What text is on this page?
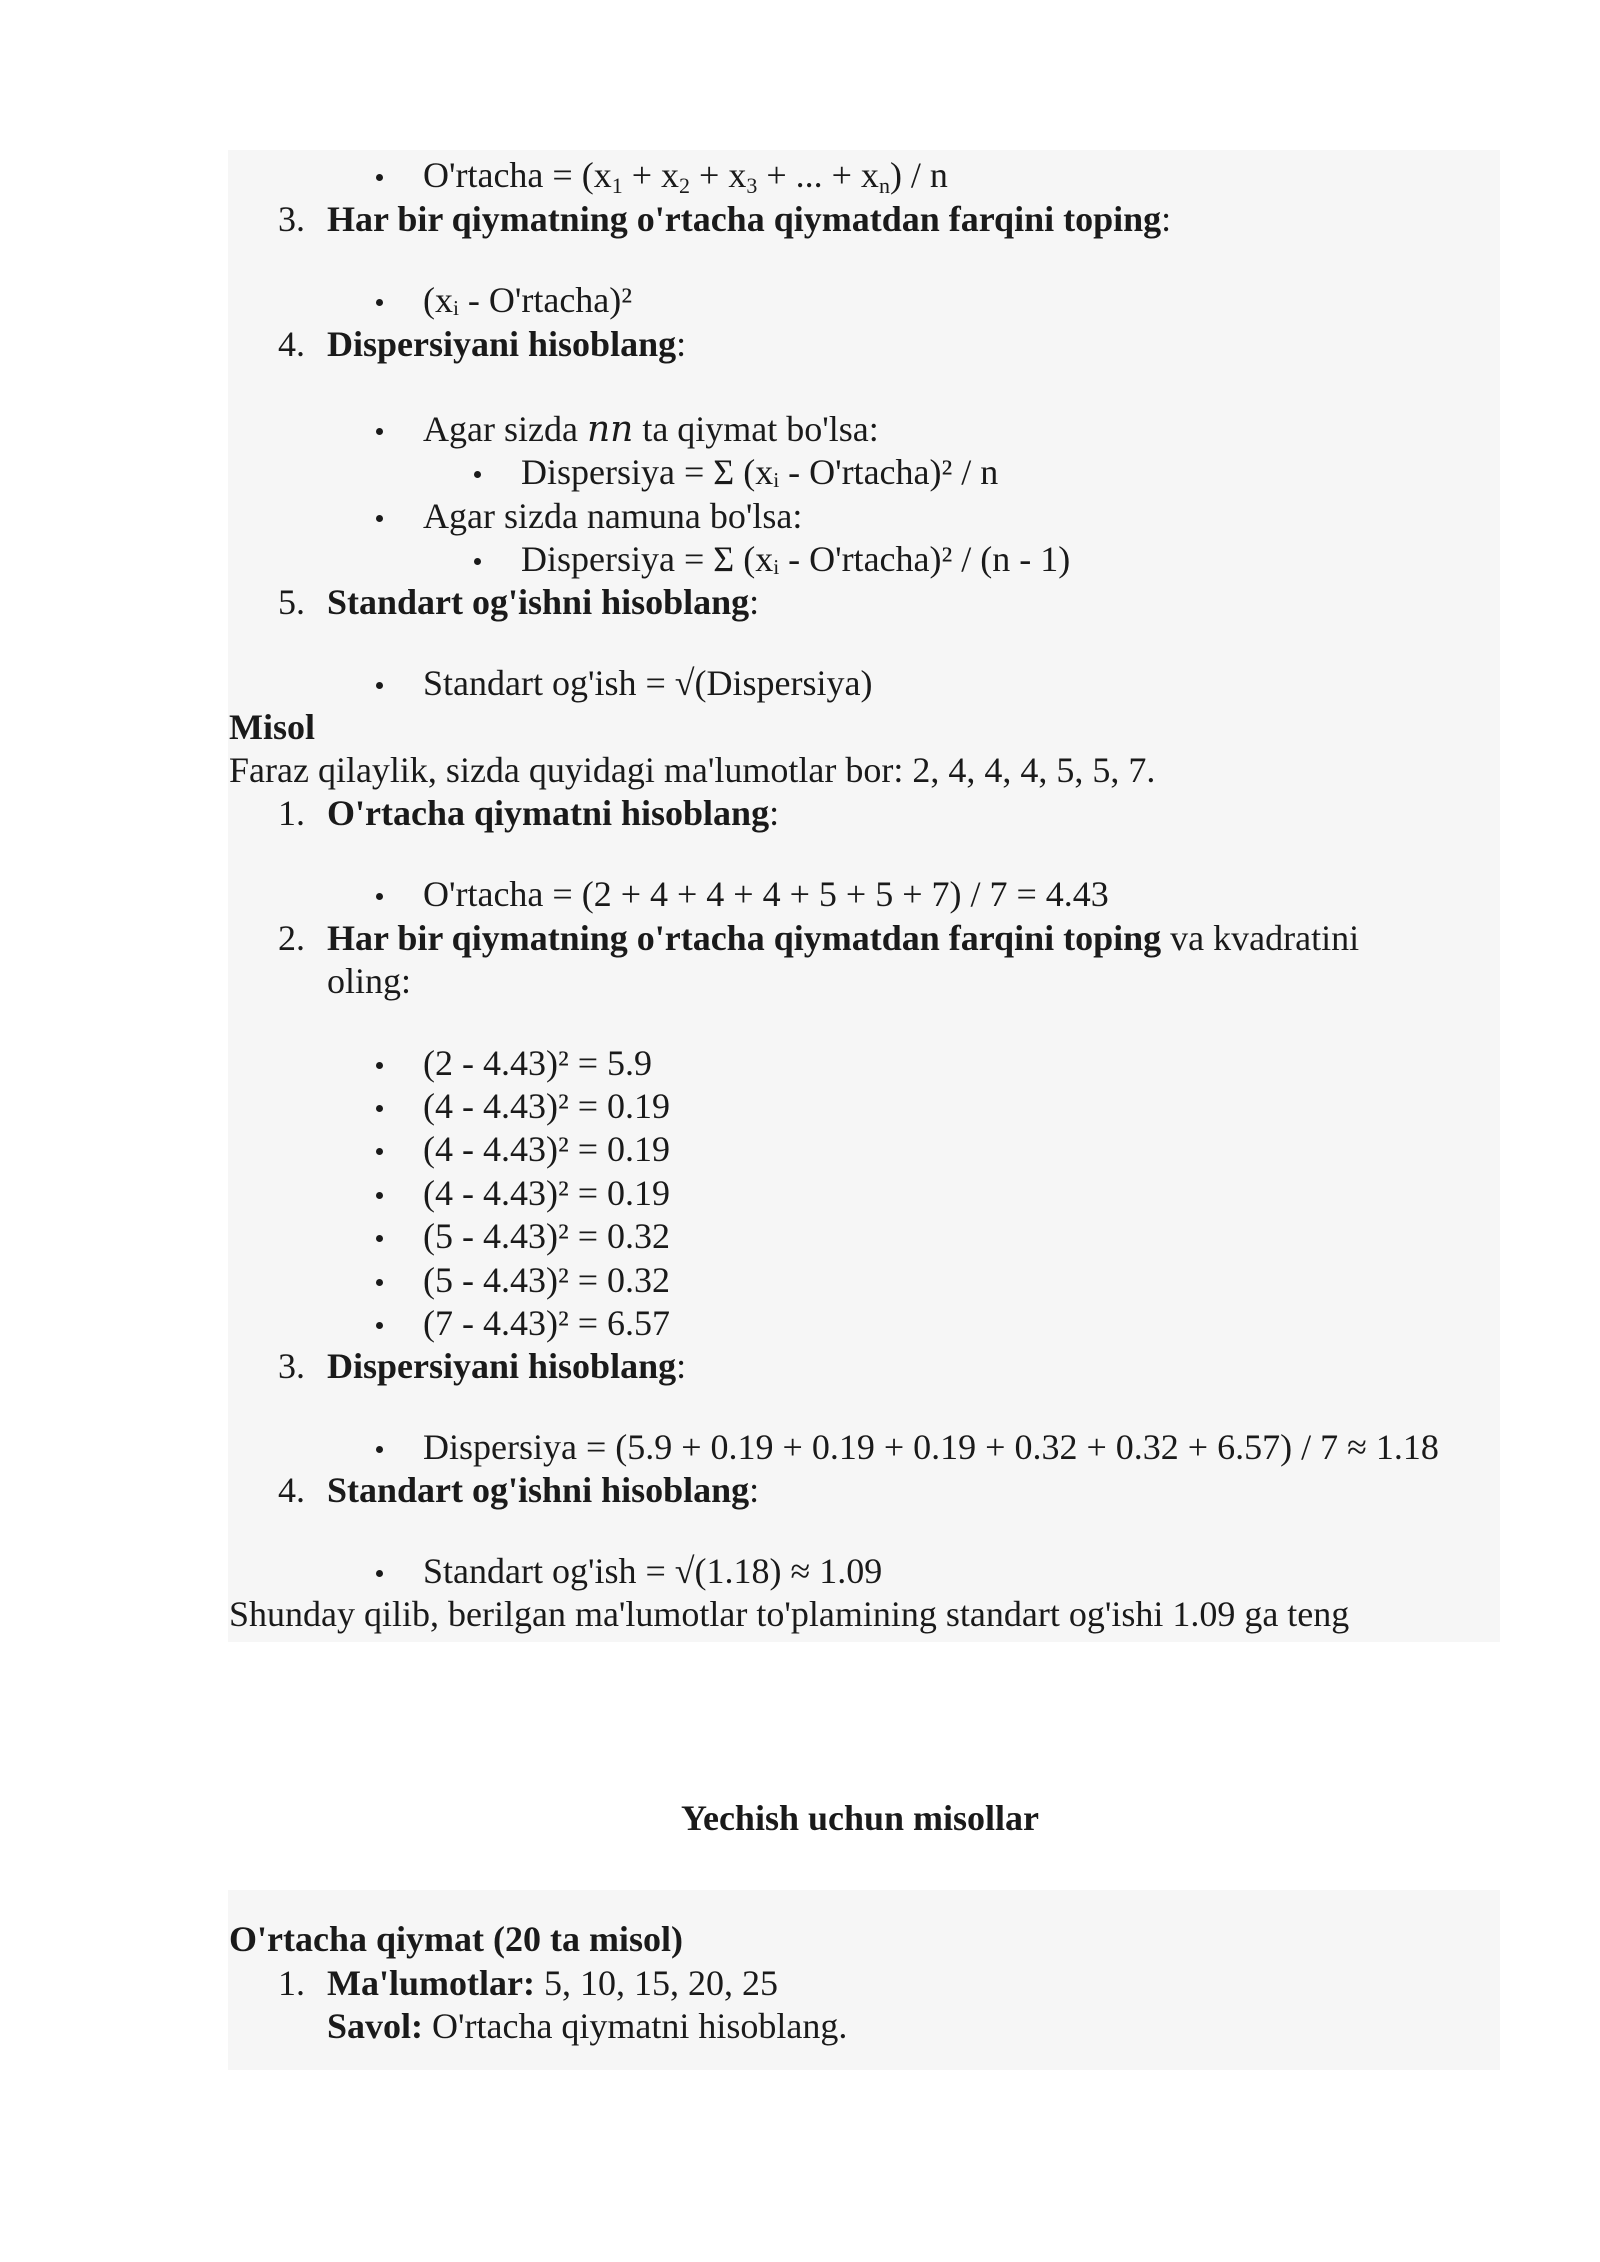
O'rtacha = ($x_1 + x_2 + x_3$ + ... + $x_n$) / n
3. Har bir qiymatning o'rtacha qiymatdan farqini toping:
(xᵢ - O'rtacha)²
4. Dispersiyani hisoblang:
Agar sizda nn ta qiymat bo'lsa:
Dispersiya = Σ (xᵢ - O'rtacha)² / n
Agar sizda namuna bo'lsa:
Dispersiya = Σ (xᵢ - O'rtacha)² / (n - 1)
5. Standart og'ishni hisoblang:
Standart og'ish = √(Dispersiya)
Misol
Faraz qilaylik, sizda quyidagi ma'lumotlar bor: 2, 4, 4, 4, 5, 5, 7.
1. O'rtacha qiymatni hisoblang:
O'rtacha = (2 + 4 + 4 + 4 + 5 + 5 + 7) / 7 = 4.43
2. Har bir qiymatning o'rtacha qiymatdan farqini toping va kvadratini
oling:
(2 - 4.43)² = 5.9
(4 - 4.43)² = 0.19
(4 - 4.43)² = 0.19
(4 - 4.43)² = 0.19
(5 - 4.43)² = 0.32
(5 - 4.43)² = 0.32
(7 - 4.43)² = 6.57
3. Dispersiyani hisoblang:
Dispersiya = (5.9 + 0.19 + 0.19 + 0.19 + 0.32 + 0.32 + 6.57) / 7 ≈ 1.18
4. Standart og'ishni hisoblang:
Standart og'ish = √(1.18) ≈ 1.09
Shunday qilib, berilgan ma'lumotlar to'plamining standart og'ishi 1.09 ga teng
Yechish uchun misollar
O'rtacha qiymat (20 ta misol)
1. Ma'lumotlar: 5, 10, 15, 20, 25
Savol: O'rtacha qiymatni hisoblang.
